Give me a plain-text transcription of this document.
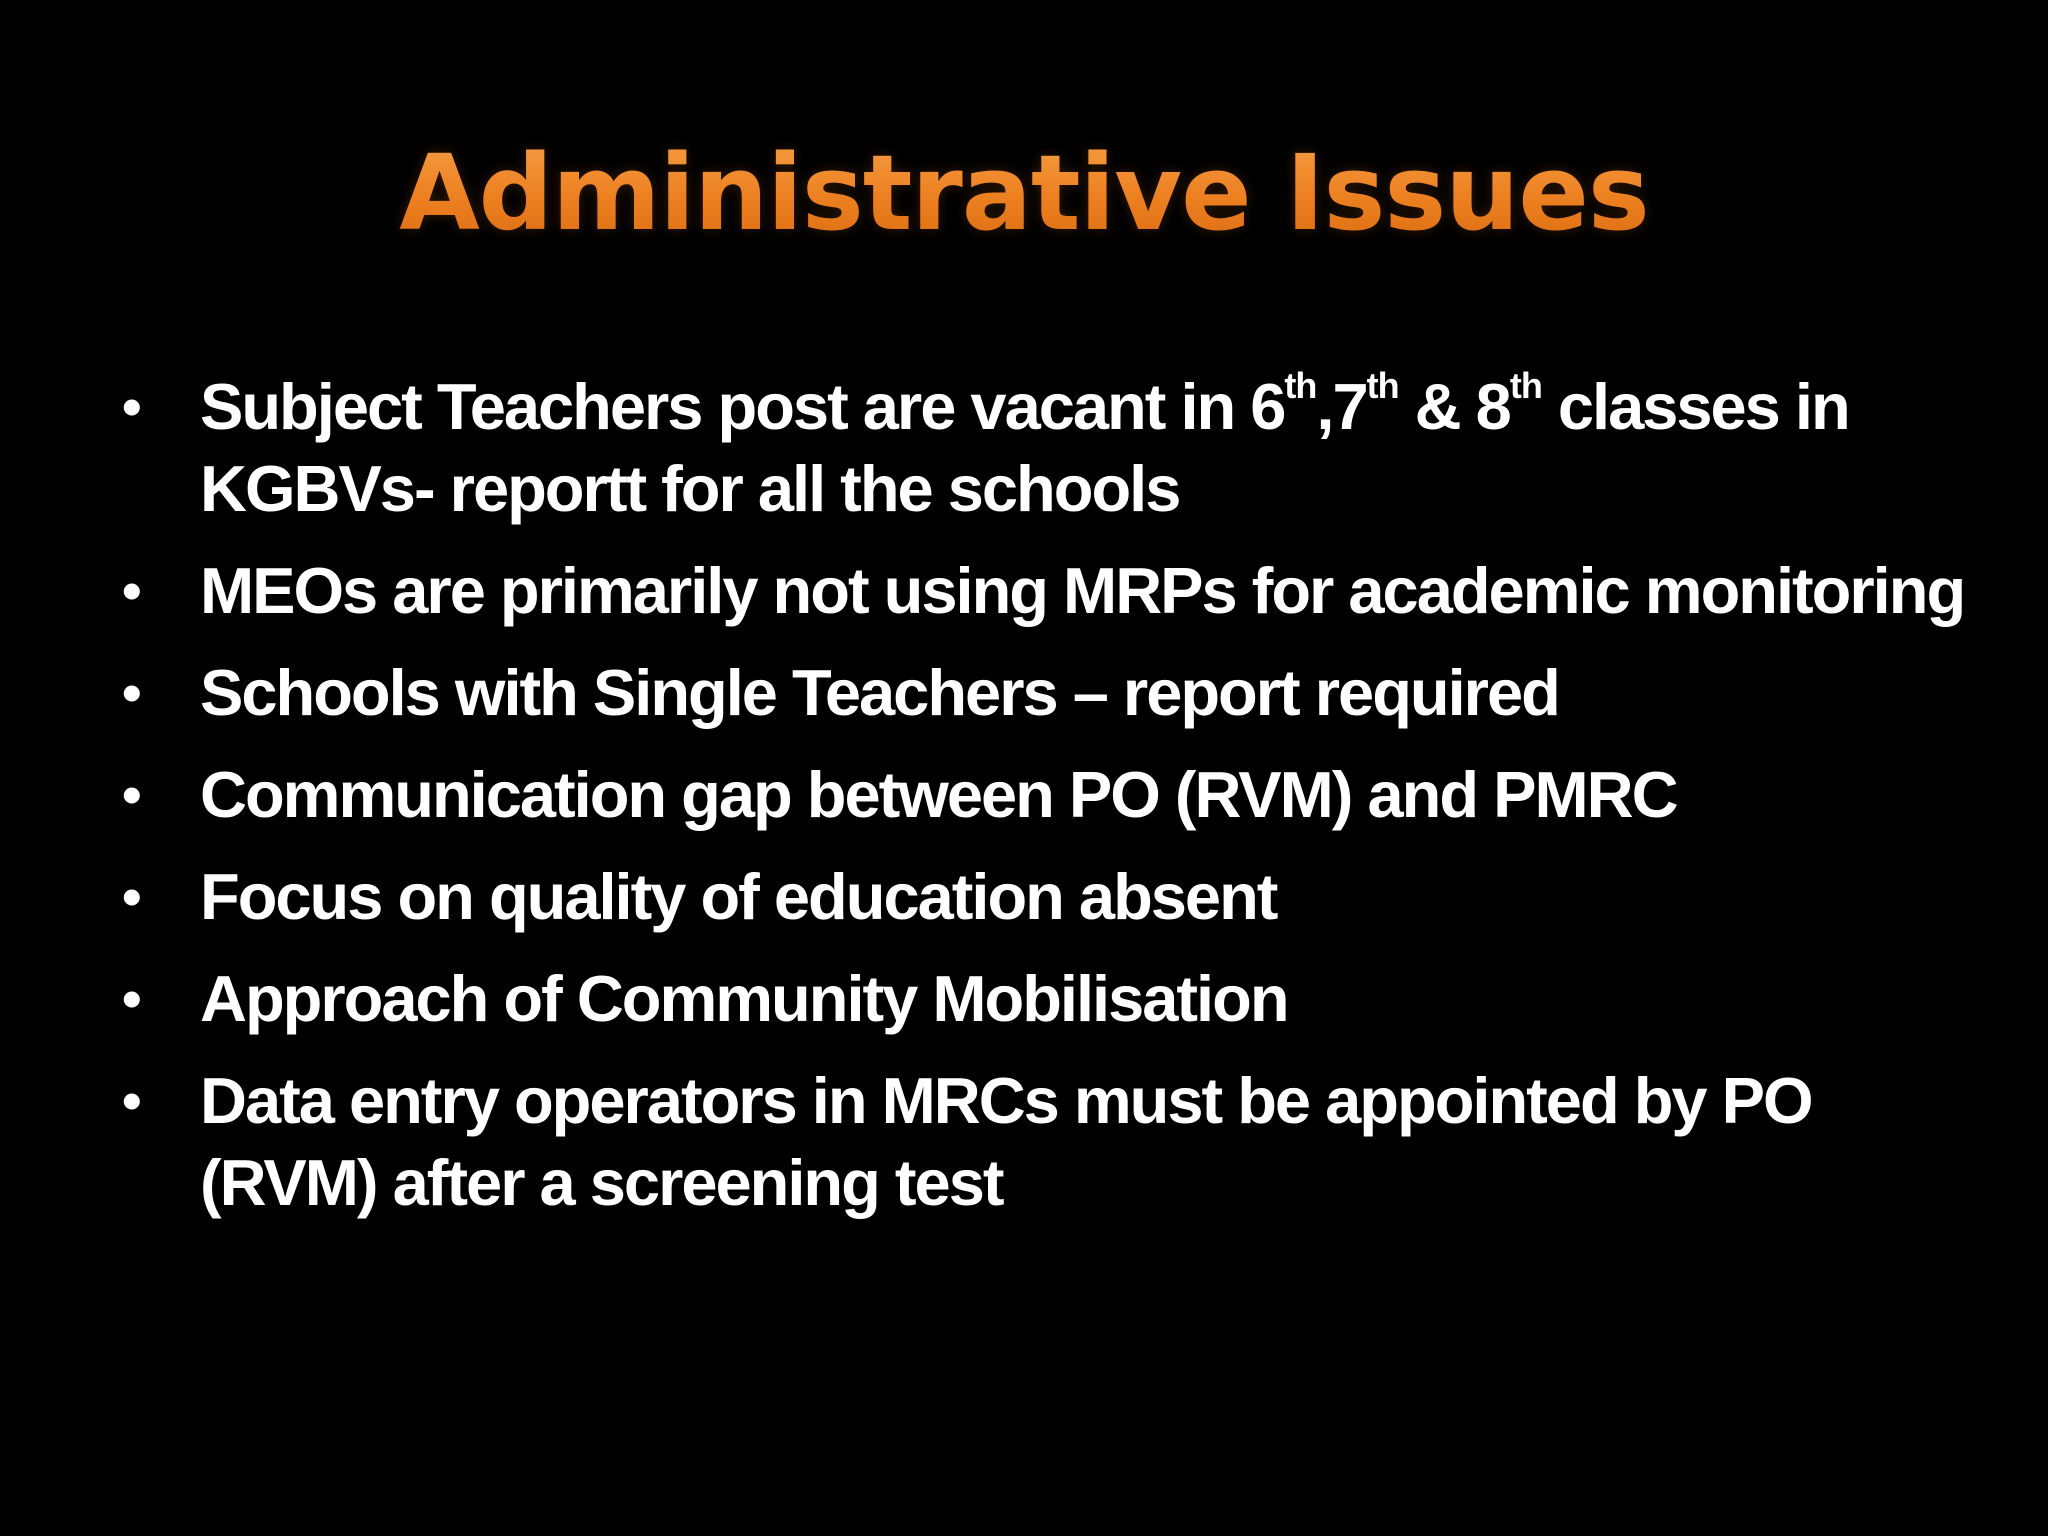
Administrative Issues
• Subject Teachers post are vacant in 6th,7th & 8th classes in KGBVs- reportt for all the schools
• MEOs are primarily not using MRPs for academic monitoring
• Schools with Single Teachers – report required
• Communication gap between PO (RVM) and PMRC
• Focus on quality of education absent
• Approach of Community Mobilisation
• Data entry operators in MRCs must be appointed by PO (RVM) after a screening test
